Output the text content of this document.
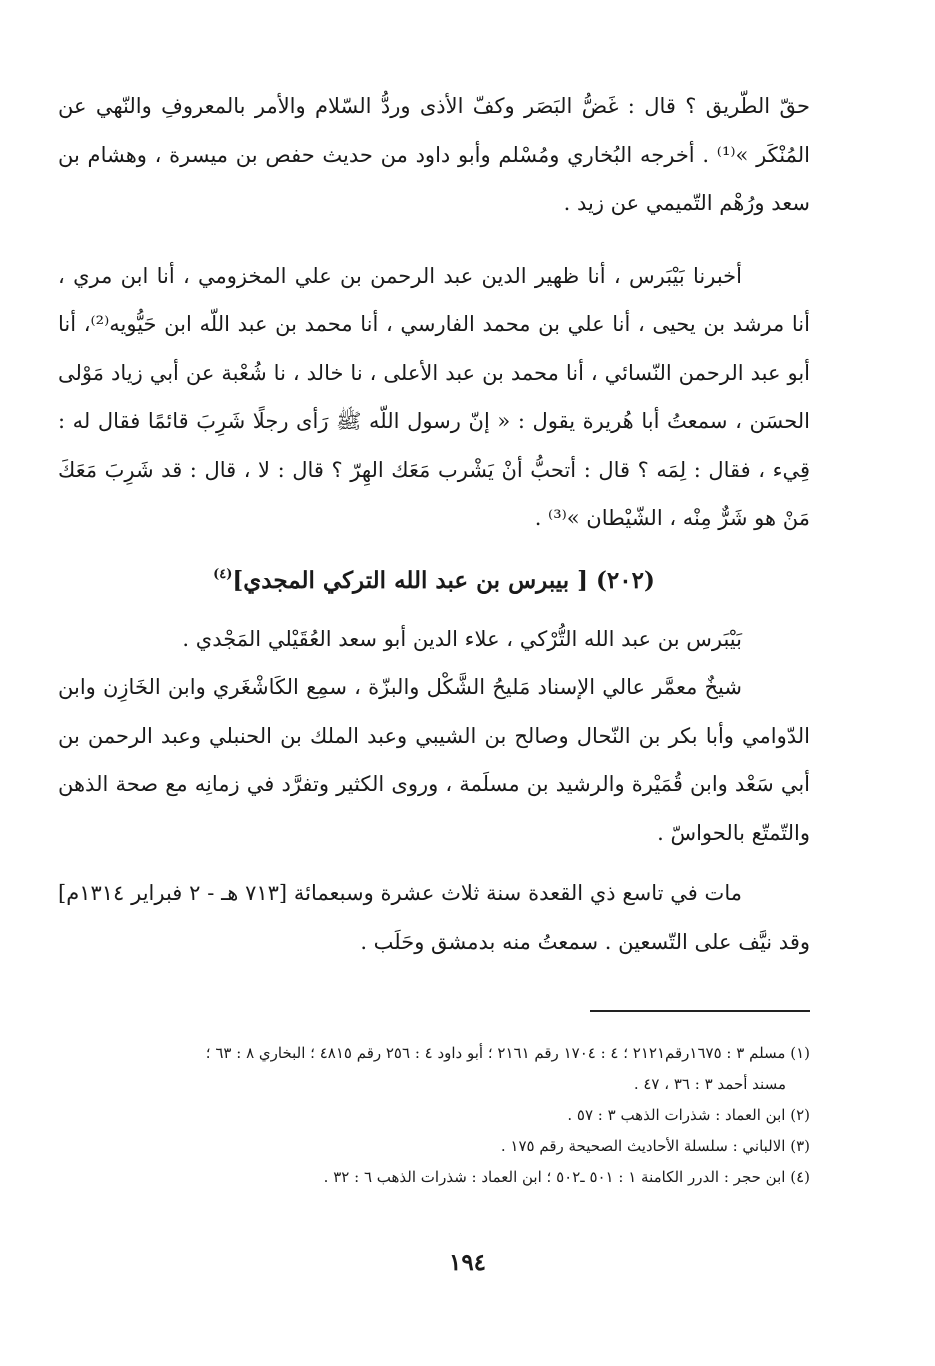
حقّ الطّريق ؟ قال : غَضُّ البَصَر وكفّ الأذى وردُّ السّلام والأمر بالمعروفِ والنّهي عن المُنْكَر »⁽¹⁾ . أخرجه البُخاري ومُسْلم وأبو داود من حديث حفص بن ميسرة ، وهشام بن سعد ورُهْم التّميمي عن زيد .

أخبرنا بَيْبَرس ، أنا ظهير الدين عبد الرحمن بن علي المخزومي ، أنا ابن مري ، أنا مرشد بن يحيى ، أنا علي بن محمد الفارسي ، أنا محمد بن عبد اللّه ابن حَيُّويه⁽²⁾، أنا أبو عبد الرحمن النّسائي ، أنا محمد بن عبد الأعلى ، نا خالد ، نا شُعْبة عن أبي زياد مَوْلى الحسَن ، سمعتُ أبا هُريرة يقول : « إنّ رسول اللّه ﷺ رَأى رجلًا شَرِبَ قائمًا فقال له : قِيء ، فقال : لِمَه ؟ قال : أتحبُّ أنْ يَشْرب مَعَك الهِرّ ؟ قال : لا ، قال : قد شَرِبَ مَعَكَ مَنْ هو شَرٌّ مِنْه ، الشّيْطان »⁽³⁾ .

(٢٠٢) [ بيبرس بن عبد الله التركي المجدي]$^{(٤)}$

بَيْبَرس بن عبد الله التُّرْكي ، علاء الدين أبو سعد العُقَيْلي المَجْدي .

شيخٌ معمَّر عالي الإسناد مَليحُ الشَّكْل والبزّة ، سمِع الكَاشْغَري وابن الخَازِن وابن الدّوامي وأبا بكر بن النّحال وصالح بن الشيبي وعبد الملك بن الحنبلي وعبد الرحمن بن أبي سَعْد وابن قُمَيْرة والرشيد بن مسلَمة ، وروى الكثير وتفرَّد في زمانِه مع صحة الذهن والتّمتّع بالحواسّ .

مات في تاسع ذي القعدة سنة ثلاث عشرة وسبعمائة [٧١٣ هـ - ٢ فبراير ١٣١٤م] وقد نيَّف على التّسعين . سمعتُ منه بدمشق وحَلَب .

(١) مسلم ٣ : ١٦٧٥رقم٢١٢١ ؛ ٤ : ١٧٠٤ رقم ٢١٦١ ؛ أبو داود ٤ : ٢٥٦ رقم ٤٨١٥ ؛ البخاري ٨ : ٦٣ ؛
مسند أحمد ٣ : ٣٦ ، ٤٧ .

(٢) ابن العماد : شذرات الذهب ٣ : ٥٧ .

(٣) الالباني : سلسلة الأحاديث الصحيحة رقم ١٧٥ .

(٤) ابن حجر : الدرر الكامنة ١ : ٥٠١ ـ٥٠٢ ؛ ابن العماد : شذرات الذهب ٦ : ٣٢ .

١٩٤
